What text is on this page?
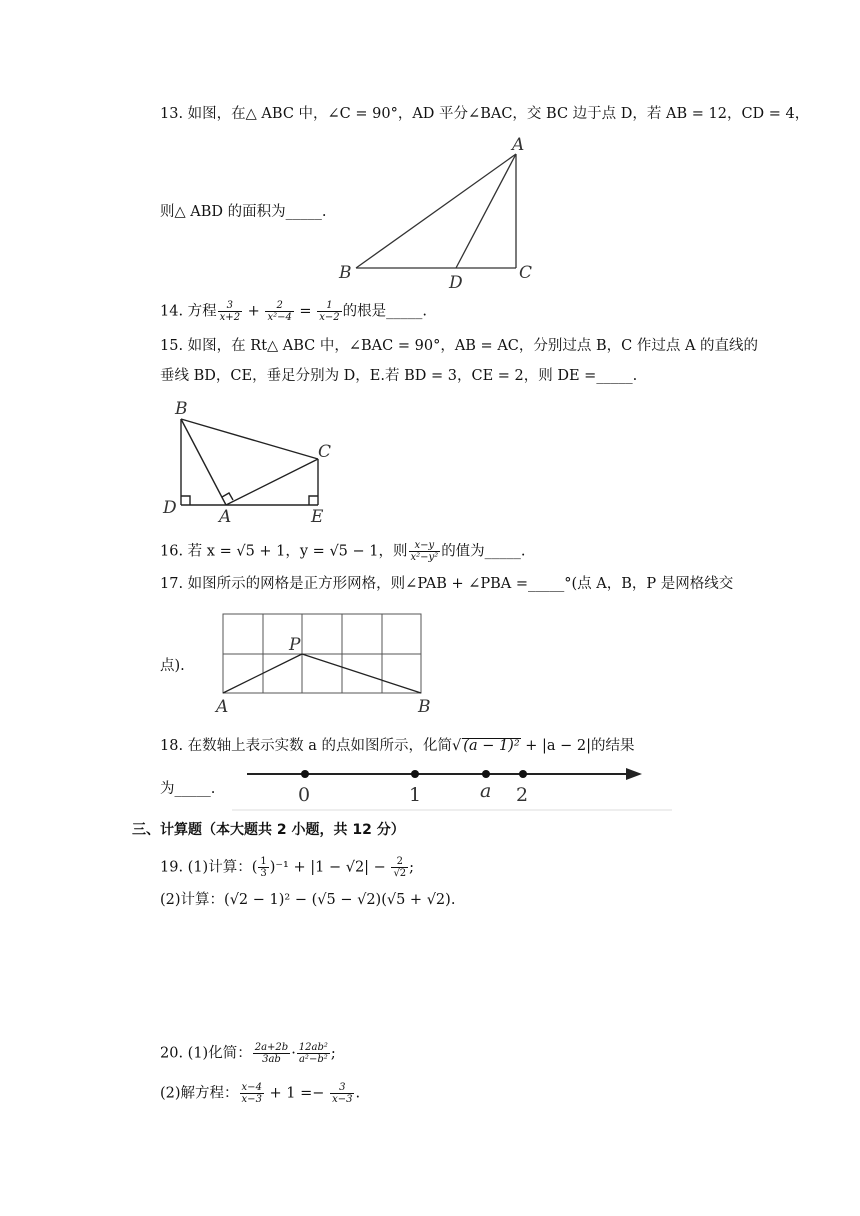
13. 如图，在△ ABC 中，∠C = 90°，AD 平分∠BAC，交 BC 边于点 D，若 AB = 12，CD = 4，
A
B	D	C
则△ ABD 的面积为_____.
14. 方程 $\frac{3}{x+2} + \frac{2}{\text{x²−4}} = \frac{1}{x-2}$ 的根是_____.
15. 如图，在 Rt△ ABC 中，∠BAC = 90°，AB = AC，分别过点 B，C 作过点 A 的直线的
垂线 BD，CE，垂足分别为 D，E.若 BD = 3，CE = 2，则 DE =_____.
B
C
D A	E
16. 若 x = √5 + 1，y = √5 − 1，则 $\frac{x-y}{\text{x²−y²}}$ 的值为_____.
17. 如图所示的网格是正方形网格，则∠PAB + ∠PBA =_____°(点 A，B，P 是网格线交
P
A	B
点).
18. 在数轴上表示实数 a 的点如图所示，化简√ (a − 1)² + |a − 2|的结果
为_____.	0	1	a 2
三、计算题（本大题共 2 小题，共 12 分）
19. (1)计算：( $\frac{1}{3} )^{-1} + |1 - √2| - \frac{2}{√2}$ ;
(2)计算：(√2 − 1)² − (√5 − √2)(√5 + √2).
20. (1)化简： $\frac{2a+2b}{3ab} \cdot \frac{\text{12ab²}}{\text{a²−b²}}$ ;
(2)解方程： $\frac{x-4}{x-3} + 1 =- \frac{3}{x-3}$ .
